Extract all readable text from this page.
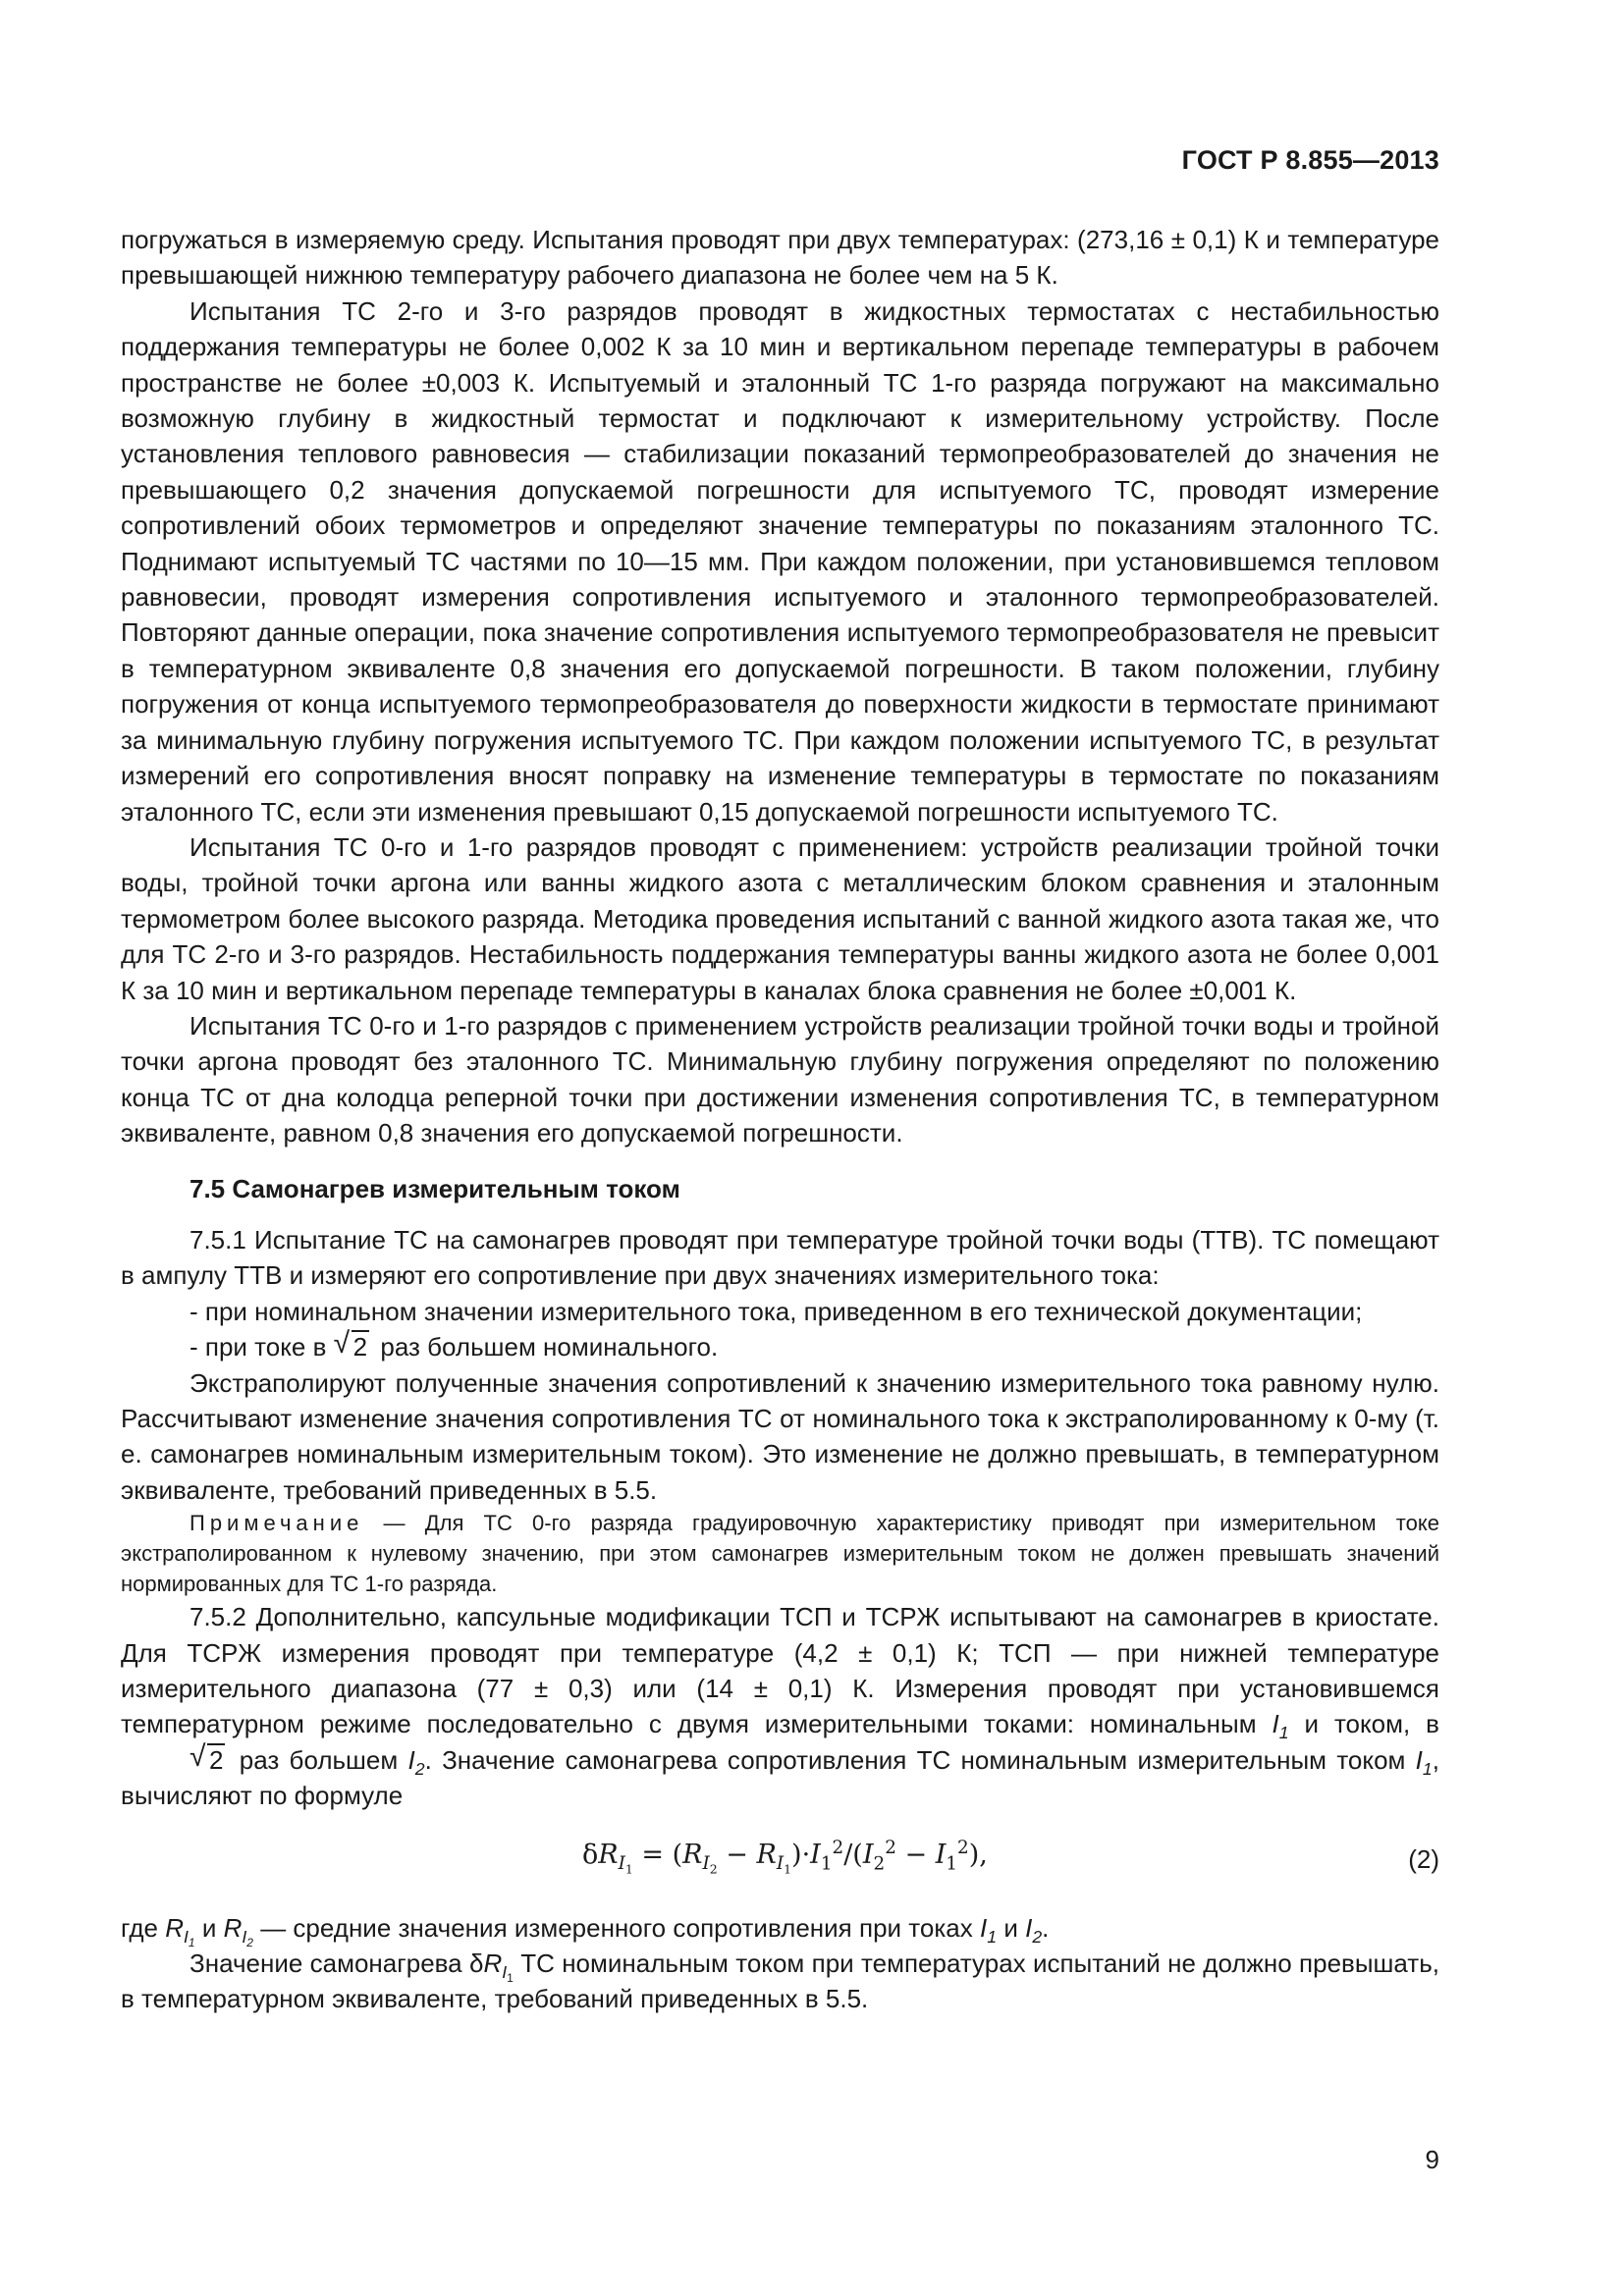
ГОСТ Р 8.855—2013

погружаться в измеряемую среду. Испытания проводят при двух температурах: (273,16 ± 0,1) К и температуре превышающей нижнюю температуру рабочего диапазона не более чем на 5 К.

Испытания ТС 2-го и 3-го разрядов проводят в жидкостных термостатах с нестабильностью поддержания температуры не более 0,002 К за 10 мин и вертикальном перепаде температуры в рабочем пространстве не более ±0,003 К. Испытуемый и эталонный ТС 1-го разряда погружают на максимально возможную глубину в жидкостный термостат и подключают к измерительному устройству. После установления теплового равновесия — стабилизации показаний термопреобразователей до значения не превышающего 0,2 значения допускаемой погрешности для испытуемого ТС, проводят измерение сопротивлений обоих термометров и определяют значение температуры по показаниям эталонного ТС. Поднимают испытуемый ТС частями по 10—15 мм. При каждом положении, при установившемся тепловом равновесии, проводят измерения сопротивления испытуемого и эталонного термопреобразователей. Повторяют данные операции, пока значение сопротивления испытуемого термопреобразователя не превысит в температурном эквиваленте 0,8 значения его допускаемой погрешности. В таком положении, глубину погружения от конца испытуемого термопреобразователя до поверхности жидкости в термостате принимают за минимальную глубину погружения испытуемого ТС. При каждом положении испытуемого ТС, в результат измерений его сопротивления вносят поправку на изменение температуры в термостате по показаниям эталонного ТС, если эти изменения превышают 0,15 допускаемой погрешности испытуемого ТС.

Испытания ТС 0-го и 1-го разрядов проводят с применением: устройств реализации тройной точки воды, тройной точки аргона или ванны жидкого азота с металлическим блоком сравнения и эталонным термометром более высокого разряда. Методика проведения испытаний с ванной жидкого азота такая же, что для ТС 2-го и 3-го разрядов. Нестабильность поддержания температуры ванны жидкого азота не более 0,001 К за 10 мин и вертикальном перепаде температуры в каналах блока сравнения не более ±0,001 К.

Испытания ТС 0-го и 1-го разрядов с применением устройств реализации тройной точки воды и тройной точки аргона проводят без эталонного ТС. Минимальную глубину погружения определяют по положению конца ТС от дна колодца реперной точки при достижении изменения сопротивления ТС, в температурном эквиваленте, равном 0,8 значения его допускаемой погрешности.

7.5 Самонагрев измерительным током

7.5.1 Испытание ТС на самонагрев проводят при температуре тройной точки воды (ТТВ). ТС помещают в ампулу ТТВ и измеряют его сопротивление при двух значениях измерительного тока:

- при номинальном значении измерительного тока, приведенном в его технической документации;
- при токе в √ 2 раз большем номинального.

Экстраполируют полученные значения сопротивлений к значению измерительного тока равному нулю. Рассчитывают изменение значения сопротивления ТС от номинального тока к экстраполированному к 0-му (т. е. самонагрев номинальным измерительным током). Это изменение не должно превышать, в температурном эквиваленте, требований приведенных в 5.5.

Примечание — Для ТС 0-го разряда градуировочную характеристику приводят при измерительном токе экстраполированном к нулевому значению, при этом самонагрев измерительным током не должен превышать значений нормированных для ТС 1-го разряда.

7.5.2 Дополнительно, капсульные модификации ТСП и ТСРЖ испытывают на самонагрев в криостате. Для ТСРЖ измерения проводят при температуре (4,2 ± 0,1) К; ТСП — при нижней температуре измерительного диапазона (77 ± 0,3) или (14 ± 0,1) К. Измерения проводят при установившемся температурном режиме последовательно с двумя измерительными токами: номинальным $I_1$ и током, в √ 2 раз большем $I_2$. Значение самонагрева сопротивления ТС номинальным измерительным током $I_1$, вычисляют по формуле

$\delta R_{I_1} = (R_{I_2} - R_{I_1})\cdot I_1^2/(I_2^2 - I_1^2)$,	(2)

где $R_{I_1}$ и $R_{I_2}$ — средние значения измеренного сопротивления при токах $I_1$ и $I_2$.

Значение самонагрева $\delta R_{I_1}$ ТС номинальным током при температурах испытаний не должно превышать, в температурном эквиваленте, требований приведенных в 5.5.

9
